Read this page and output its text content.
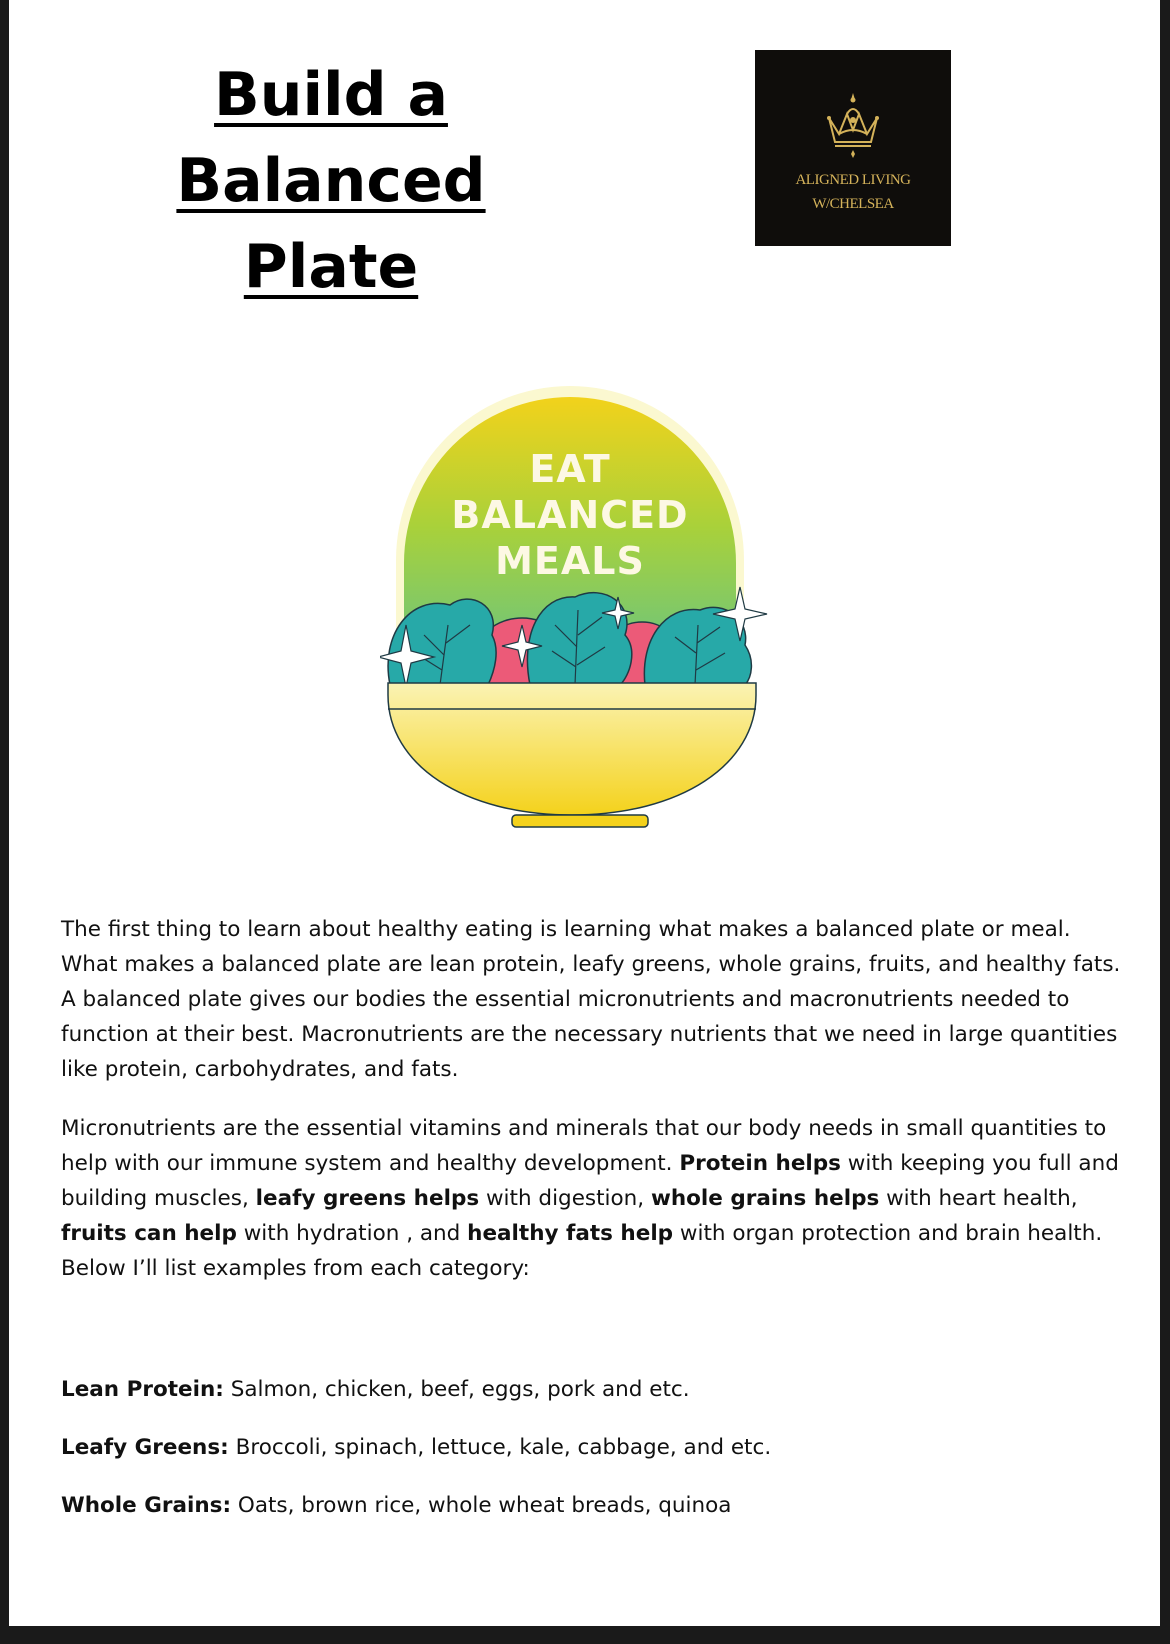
Build a Balanced
Plate
ALIGNED LIVING
W/CHELSEA
EAT
BALANCED
MEALS

The first thing to learn about healthy eating is learning what makes a balanced plate or meal. What makes a balanced plate are lean protein, leafy greens, whole grains, fruits, and healthy fats. A balanced plate gives our bodies the essential micronutrients and macronutrients needed to function at their best. Macronutrients are the necessary nutrients that we need in large quantities like protein, carbohydrates, and fats.

Micronutrients are the essential vitamins and minerals that our body needs in small quantities to help with our immune system and healthy development. Protein helps with keeping you full and building muscles, leafy greens helps with digestion, whole grains helps with heart health, fruits can help with hydration , and healthy fats help with organ protection and brain health. Below I’ll list examples from each category:

Lean Protein: Salmon, chicken, beef, eggs, pork and etc.

Leafy Greens: Broccoli, spinach, lettuce, kale, cabbage, and etc.

Whole Grains: Oats, brown rice, whole wheat breads, quinoa
